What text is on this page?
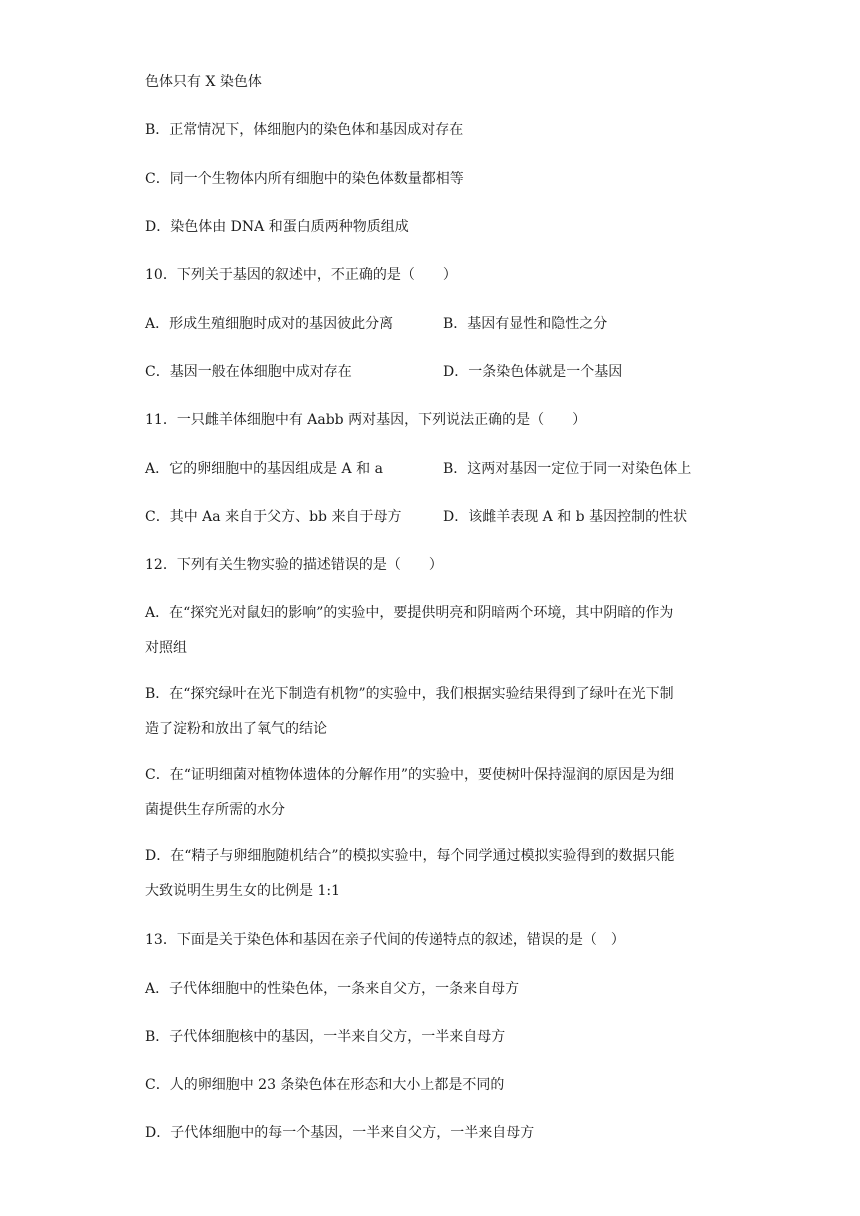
色体只有 X 染色体
B．正常情况下，体细胞内的染色体和基因成对存在
C．同一个生物体内所有细胞中的染色体数量都相等
D．染色体由 DNA 和蛋白质两种物质组成
10．下列关于基因的叙述中，不正确的是（　　）
A．形成生殖细胞时成对的基因彼此分离	B．基因有显性和隐性之分
C．基因一般在体细胞中成对存在	D．一条染色体就是一个基因
11．一只雌羊体细胞中有 Aabb 两对基因，下列说法正确的是（　　）
A．它的卵细胞中的基因组成是 A 和 a	B．这两对基因一定位于同一对染色体上
C．其中 Aa 来自于父方、bb 来自于母方	D．该雌羊表现 A 和 b 基因控制的性状
12．下列有关生物实验的描述错误的是（　　）
A．在“探究光对鼠妇的影响”的实验中，要提供明亮和阴暗两个环境，其中阴暗的作为
对照组
B．在“探究绿叶在光下制造有机物”的实验中，我们根据实验结果得到了绿叶在光下制
造了淀粉和放出了氧气的结论
C．在“证明细菌对植物体遗体的分解作用”的实验中，要使树叶保持湿润的原因是为细
菌提供生存所需的水分
D．在“精子与卵细胞随机结合”的模拟实验中，每个同学通过模拟实验得到的数据只能
大致说明生男生女的比例是 1:1
13．下面是关于染色体和基因在亲子代间的传递特点的叙述，错误的是（　）
A．子代体细胞中的性染色体，一条来自父方，一条来自母方
B．子代体细胞核中的基因，一半来自父方，一半来自母方
C．人的卵细胞中 23 条染色体在形态和大小上都是不同的
D．子代体细胞中的每一个基因，一半来自父方，一半来自母方
